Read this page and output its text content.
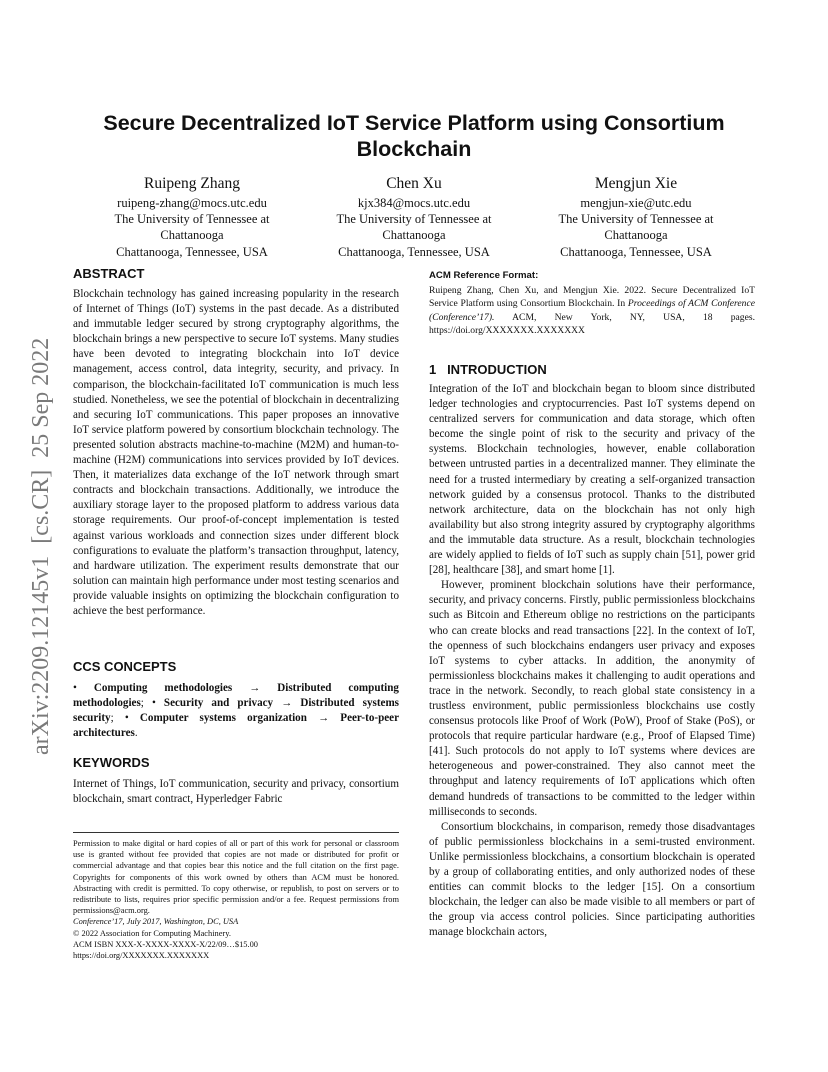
arXiv:2209.12145v1  [cs.CR]  25 Sep 2022
Secure Decentralized IoT Service Platform using Consortium
Blockchain
Ruipeng Zhang
ruipeng-zhang@mocs.utc.edu
The University of Tennessee at
Chattanooga
Chattanooga, Tennessee, USA
Chen Xu
kjx384@mocs.utc.edu
The University of Tennessee at
Chattanooga
Chattanooga, Tennessee, USA
Mengjun Xie
mengjun-xie@utc.edu
The University of Tennessee at
Chattanooga
Chattanooga, Tennessee, USA
ABSTRACT

Blockchain technology has gained increasing popularity in the research of Internet of Things (IoT) systems in the past decade. As a distributed and immutable ledger secured by strong cryptography algorithms, the blockchain brings a new perspective to secure IoT systems. Many studies have been devoted to integrating blockchain into IoT device management, access control, data integrity, security, and privacy. In comparison, the blockchain-facilitated IoT communication is much less studied. Nonetheless, we see the potential of blockchain in decentralizing and securing IoT communications. This paper proposes an innovative IoT service platform powered by consortium blockchain technology. The presented solution abstracts machine-to-machine (M2M) and human-to-machine (H2M) communications into services provided by IoT devices. Then, it materializes data exchange of the IoT network through smart contracts and blockchain transactions. Additionally, we introduce the auxiliary storage layer to the proposed platform to address various data storage requirements. Our proof-of-concept implementation is tested against various workloads and connection sizes under different block configurations to evaluate the platform’s transaction throughput, latency, and hardware utilization. The experiment results demonstrate that our solution can maintain high performance under most testing scenarios and provide valuable insights on optimizing the blockchain configuration to achieve the best performance.

CCS CONCEPTS

• Computing methodologies → Distributed computing methodologies; • Security and privacy → Distributed systems security; • Computer systems organization → Peer-to-peer architectures.

KEYWORDS

Internet of Things, IoT communication, security and privacy, consortium blockchain, smart contract, Hyperledger Fabric

Permission to make digital or hard copies of all or part of this work for personal or classroom use is granted without fee provided that copies are not made or distributed for profit or commercial advantage and that copies bear this notice and the full citation on the first page. Copyrights for components of this work owned by others than ACM must be honored. Abstracting with credit is permitted. To copy otherwise, or republish, to post on servers or to redistribute to lists, requires prior specific permission and/or a fee. Request permissions from permissions@acm.org.
Conference’17, July 2017, Washington, DC, USA
© 2022 Association for Computing Machinery.
ACM ISBN XXX-X-XXXX-XXXX-X/22/09…$15.00
https://doi.org/XXXXXXX.XXXXXXX
ACM Reference Format:

Ruipeng Zhang, Chen Xu, and Mengjun Xie. 2022. Secure Decentralized IoT Service Platform using Consortium Blockchain. In Proceedings of ACM Conference (Conference’17). ACM, New York, NY, USA, 18 pages. https://doi.org/XXXXXXX.XXXXXXX

1   INTRODUCTION

Integration of the IoT and blockchain began to bloom since distributed ledger technologies and cryptocurrencies. Past IoT systems depend on centralized servers for communication and data storage, which often become the single point of risk to the security and privacy of the systems. Blockchain technologies, however, enable collaboration between untrusted parties in a decentralized manner. They eliminate the need for a trusted intermediary by creating a self-organized transaction network guided by a consensus protocol. Thanks to the distributed network architecture, data on the blockchain has not only high availability but also strong integrity assured by cryptography algorithms and the immutable data structure. As a result, blockchain technologies are widely applied to fields of IoT such as supply chain [51], power grid [28], healthcare [38], and smart home [1].

However, prominent blockchain solutions have their performance, security, and privacy concerns. Firstly, public permissionless blockchains such as Bitcoin and Ethereum oblige no restrictions on the participants who can create blocks and read transactions [22]. In the context of IoT, the openness of such blockchains endangers user privacy and exposes IoT systems to cyber attacks. In addition, the anonymity of permissionless blockchains makes it challenging to audit operations and trace in the network. Secondly, to reach global state consistency in a trustless environment, public permissionless blockchains use costly consensus protocols like Proof of Work (PoW), Proof of Stake (PoS), or protocols that require particular hardware (e.g., Proof of Elapsed Time) [41]. Such protocols do not apply to IoT systems where devices are heterogeneous and power-constrained. They also cannot meet the throughput and latency requirements of IoT applications which often demand hundreds of transactions to be committed to the ledger within milliseconds to seconds.

Consortium blockchains, in comparison, remedy those disadvantages of public permissionless blockchains in a semi-trusted environment. Unlike permissionless blockchains, a consortium blockchain is operated by a group of collaborating entities, and only authorized nodes of these entities can commit blocks to the ledger [15]. On a consortium blockchain, the ledger can also be made visible to all members or part of the group via access control policies. Since participating authorities manage blockchain actors,
